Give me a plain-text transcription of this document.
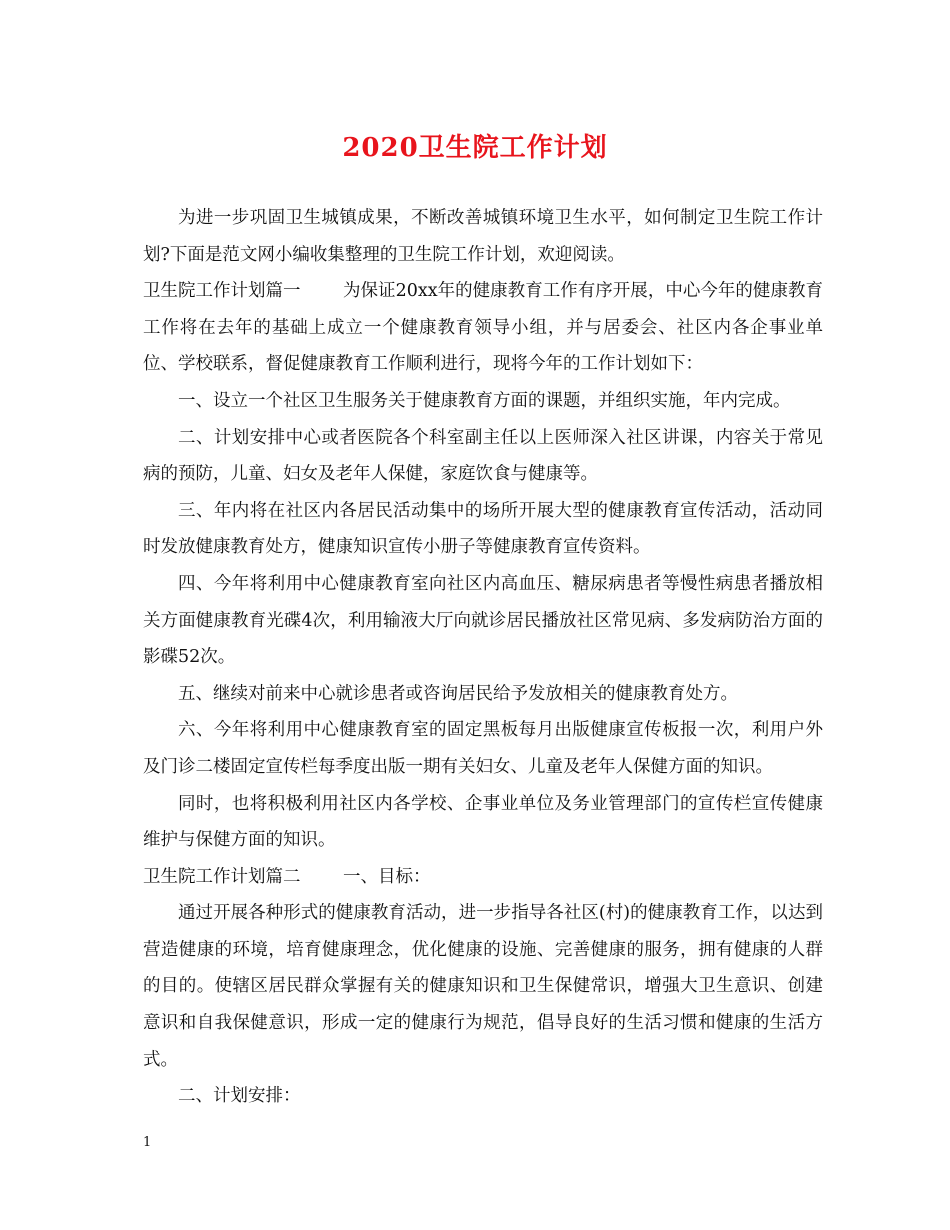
2020卫生院工作计划

为进一步巩固卫生城镇成果，不断改善城镇环境卫生水平，如何制定卫生院工作计划?下面是范文网小编收集整理的卫生院工作计划，欢迎阅读。

卫生院工作计划篇一 为保证20xx年的健康教育工作有序开展，中心今年的健康教育工作将在去年的基础上成立一个健康教育领导小组，并与居委会、社区内各企事业单位、学校联系，督促健康教育工作顺利进行，现将今年的工作计划如下：

一、设立一个社区卫生服务关于健康教育方面的课题，并组织实施，年内完成。

二、计划安排中心或者医院各个科室副主任以上医师深入社区讲课，内容关于常见病的预防，儿童、妇女及老年人保健，家庭饮食与健康等。

三、年内将在社区内各居民活动集中的场所开展大型的健康教育宣传活动，活动同时发放健康教育处方，健康知识宣传小册子等健康教育宣传资料。

四、今年将利用中心健康教育室向社区内高血压、糖尿病患者等慢性病患者播放相关方面健康教育光碟4次，利用输液大厅向就诊居民播放社区常见病、多发病防治方面的影碟52次。

五、继续对前来中心就诊患者或咨询居民给予发放相关的健康教育处方。

六、今年将利用中心健康教育室的固定黑板每月出版健康宣传板报一次，利用户外及门诊二楼固定宣传栏每季度出版一期有关妇女、儿童及老年人保健方面的知识。

同时，也将积极利用社区内各学校、企事业单位及务业管理部门的宣传栏宣传健康维护与保健方面的知识。

卫生院工作计划篇二 一、目标：

通过开展各种形式的健康教育活动，进一步指导各社区(村)的健康教育工作，以达到营造健康的环境，培育健康理念，优化健康的设施、完善健康的服务，拥有健康的人群的目的。使辖区居民群众掌握有关的健康知识和卫生保健常识，增强大卫生意识、创建意识和自我保健意识，形成一定的健康行为规范，倡导良好的生活习惯和健康的生活方式。

二、计划安排：

1
